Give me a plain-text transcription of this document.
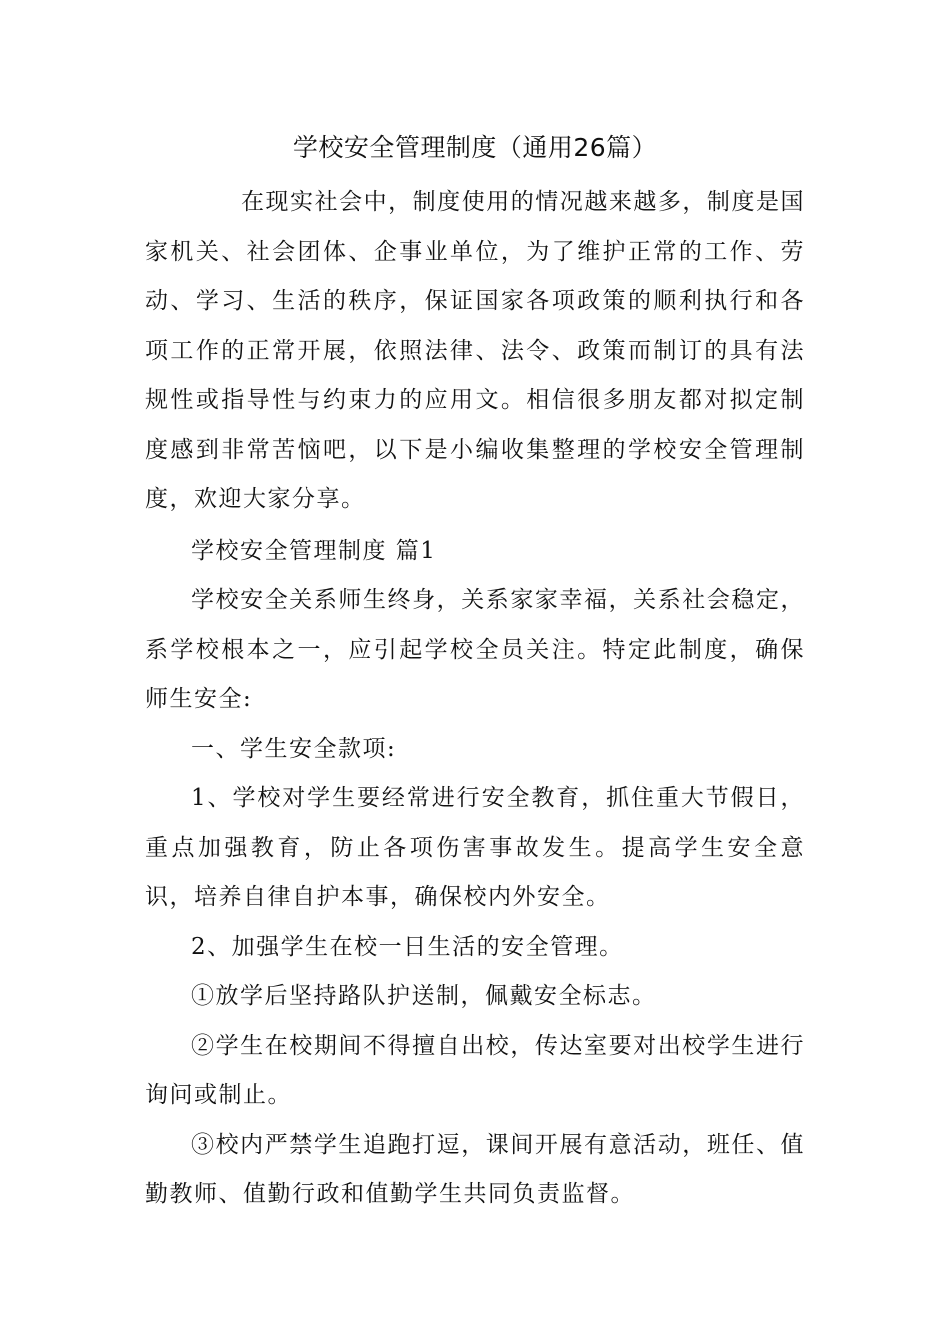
学校安全管理制度（通用26篇）

在现实社会中，制度使用的情况越来越多，制度是国家机关、社会团体、企事业单位，为了维护正常的工作、劳动、学习、生活的秩序，保证国家各项政策的顺利执行和各项工作的正常开展，依照法律、法令、政策而制订的具有法规性或指导性与约束力的应用文。相信很多朋友都对拟定制度感到非常苦恼吧，以下是小编收集整理的学校安全管理制度，欢迎大家分享。

学校安全管理制度 篇1

学校安全关系师生终身，关系家家幸福，关系社会稳定，系学校根本之一，应引起学校全员关注。特定此制度，确保师生安全:

一、学生安全款项:

1、学校对学生要经常进行安全教育，抓住重大节假日，重点加强教育，防止各项伤害事故发生。提高学生安全意识，培养自律自护本事，确保校内外安全。

2、加强学生在校一日生活的安全管理。

①放学后坚持路队护送制，佩戴安全标志。

②学生在校期间不得擅自出校，传达室要对出校学生进行询问或制止。

③校内严禁学生追跑打逗，课间开展有意活动，班任、值勤教师、值勤行政和值勤学生共同负责监督。
